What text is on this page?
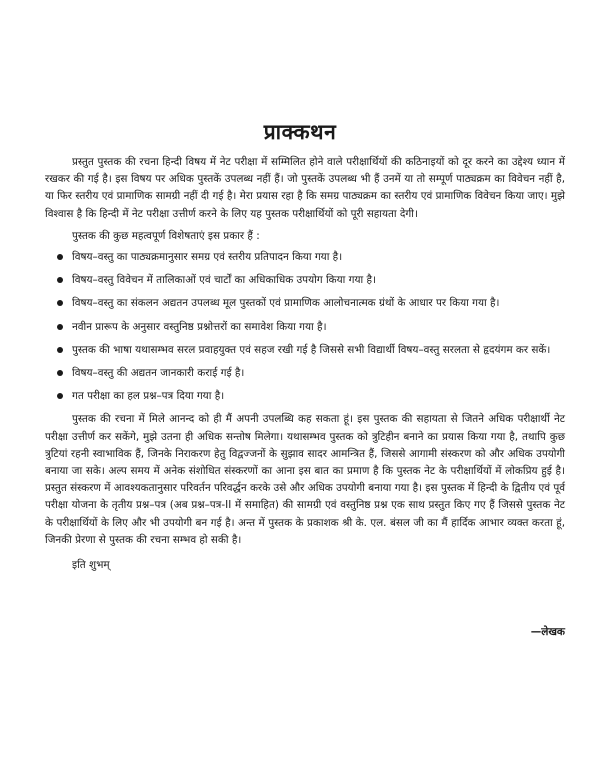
प्राक्कथन

प्रस्तुत पुस्तक की रचना हिन्दी विषय में नेट परीक्षा में सम्मिलित होने वाले परीक्षार्थियों की कठिनाइयों को दूर करने का उद्देश्य ध्यान में रखकर की गई है। इस विषय पर अधिक पुस्तकें उपलब्ध नहीं हैं। जो पुस्तकें उपलब्ध भी हैं उनमें या तो सम्पूर्ण पाठ्यक्रम का विवेचन नहीं है, या फिर स्तरीय एवं प्रामाणिक सामग्री नहीं दी गई है। मेरा प्रयास रहा है कि समग्र पाठ्यक्रम का स्तरीय एवं प्रामाणिक विवेचन किया जाए। मुझे विश्वास है कि हिन्दी में नेट परीक्षा उत्तीर्ण करने के लिए यह पुस्तक परीक्षार्थियों को पूरी सहायता देगी।

पुस्तक की कुछ महत्वपूर्ण विशेषताएं इस प्रकार हैं :

विषय–वस्तु का पाठ्यक्रमानुसार समग्र एवं स्तरीय प्रतिपादन किया गया है।
विषय–वस्तु विवेचन में तालिकाओं एवं चार्टों का अधिकाधिक उपयोग किया गया है।
विषय–वस्तु का संकलन अद्यतन उपलब्ध मूल पुस्तकों एवं प्रामाणिक आलोचनात्मक ग्रंथों के आधार पर किया गया है।
नवीन प्रारूप के अनुसार वस्तुनिष्ठ प्रश्नोत्तरों का समावेश किया गया है।
पुस्तक की भाषा यथासम्भव सरल प्रवाहयुक्त एवं सहज रखी गई है जिससे सभी विद्यार्थी विषय–वस्तु सरलता से हृदयंगम कर सकें।
विषय–वस्तु की अद्यतन जानकारी कराई गई है।
गत परीक्षा का हल प्रश्न–पत्र दिया गया है।

पुस्तक की रचना में मिले आनन्द को ही मैं अपनी उपलब्धि कह सकता हूं। इस पुस्तक की सहायता से जितने अधिक परीक्षार्थी नेट परीक्षा उत्तीर्ण कर सकेंगे, मुझे उतना ही अधिक सन्तोष मिलेगा। यथासम्भव पुस्तक को त्रुटिहीन बनाने का प्रयास किया गया है, तथापि कुछ त्रुटियां रहनी स्वाभाविक हैं, जिनके निराकरण हेतु विद्वज्जनों के सुझाव सादर आमन्त्रित हैं, जिससे आगामी संस्करण को और अधिक उपयोगी बनाया जा सके। अल्प समय में अनेक संशोधित संस्करणों का आना इस बात का प्रमाण है कि पुस्तक नेट के परीक्षार्थियों में लोकप्रिय हुई है। प्रस्तुत संस्करण में आवश्यकतानुसार परिवर्तन परिवर्द्धन करके उसे और अधिक उपयोगी बनाया गया है। इस पुस्तक में हिन्दी के द्वितीय एवं पूर्व परीक्षा योजना के तृतीय प्रश्न–पत्र (अब प्रश्न–पत्र-II में समाहित) की सामग्री एवं वस्तुनिष्ठ प्रश्न एक साथ प्रस्तुत किए गए हैं जिससे पुस्तक नेट के परीक्षार्थियों के लिए और भी उपयोगी बन गई है। अन्त में पुस्तक के प्रकाशक श्री के. एल. बंसल जी का मैं हार्दिक आभार व्यक्त करता हूं, जिनकी प्रेरणा से पुस्तक की रचना सम्भव हो सकी है।

इति शुभम्

—लेखक
